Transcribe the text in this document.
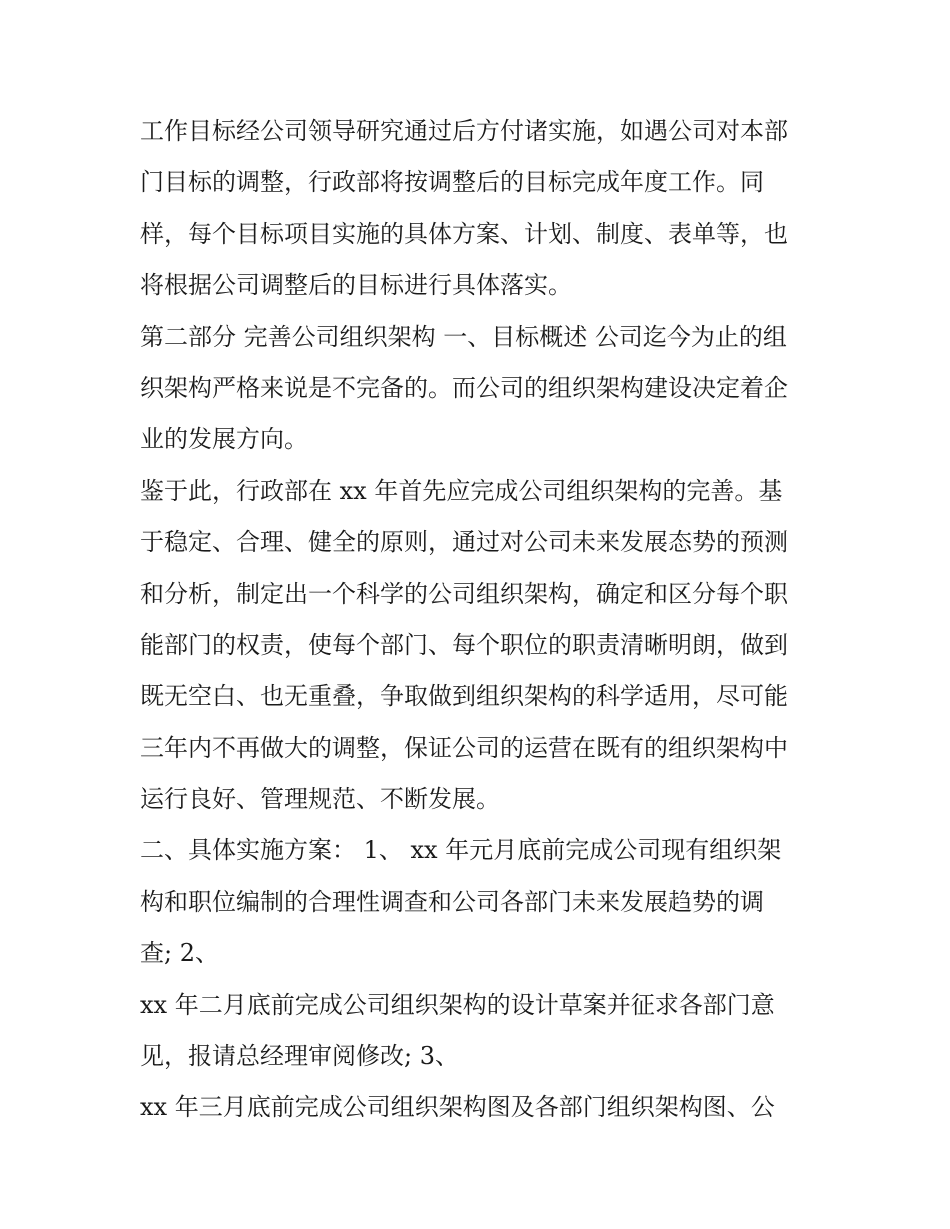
工作目标经公司领导研究通过后方付诸实施，如遇公司对本部
门目标的调整，行政部将按调整后的目标完成年度工作。同
样，每个目标项目实施的具体方案、计划、制度、表单等，也
将根据公司调整后的目标进行具体落实。
第二部分 完善公司组织架构 一、目标概述 公司迄今为止的组
织架构严格来说是不完备的。而公司的组织架构建设决定着企
业的发展方向。
鉴于此，行政部在 xx 年首先应完成公司组织架构的完善。基
于稳定、合理、健全的原则，通过对公司未来发展态势的预测
和分析，制定出一个科学的公司组织架构，确定和区分每个职
能部门的权责，使每个部门、每个职位的职责清晰明朗，做到
既无空白、也无重叠，争取做到组织架构的科学适用，尽可能
三年内不再做大的调整，保证公司的运营在既有的组织架构中
运行良好、管理规范、不断发展。
二、具体实施方案： 1、 xx 年元月底前完成公司现有组织架
构和职位编制的合理性调查和公司各部门未来发展趋势的调
查; 2、
xx 年二月底前完成公司组织架构的设计草案并征求各部门意
见，报请总经理审阅修改; 3、
xx 年三月底前完成公司组织架构图及各部门组织架构图、公
